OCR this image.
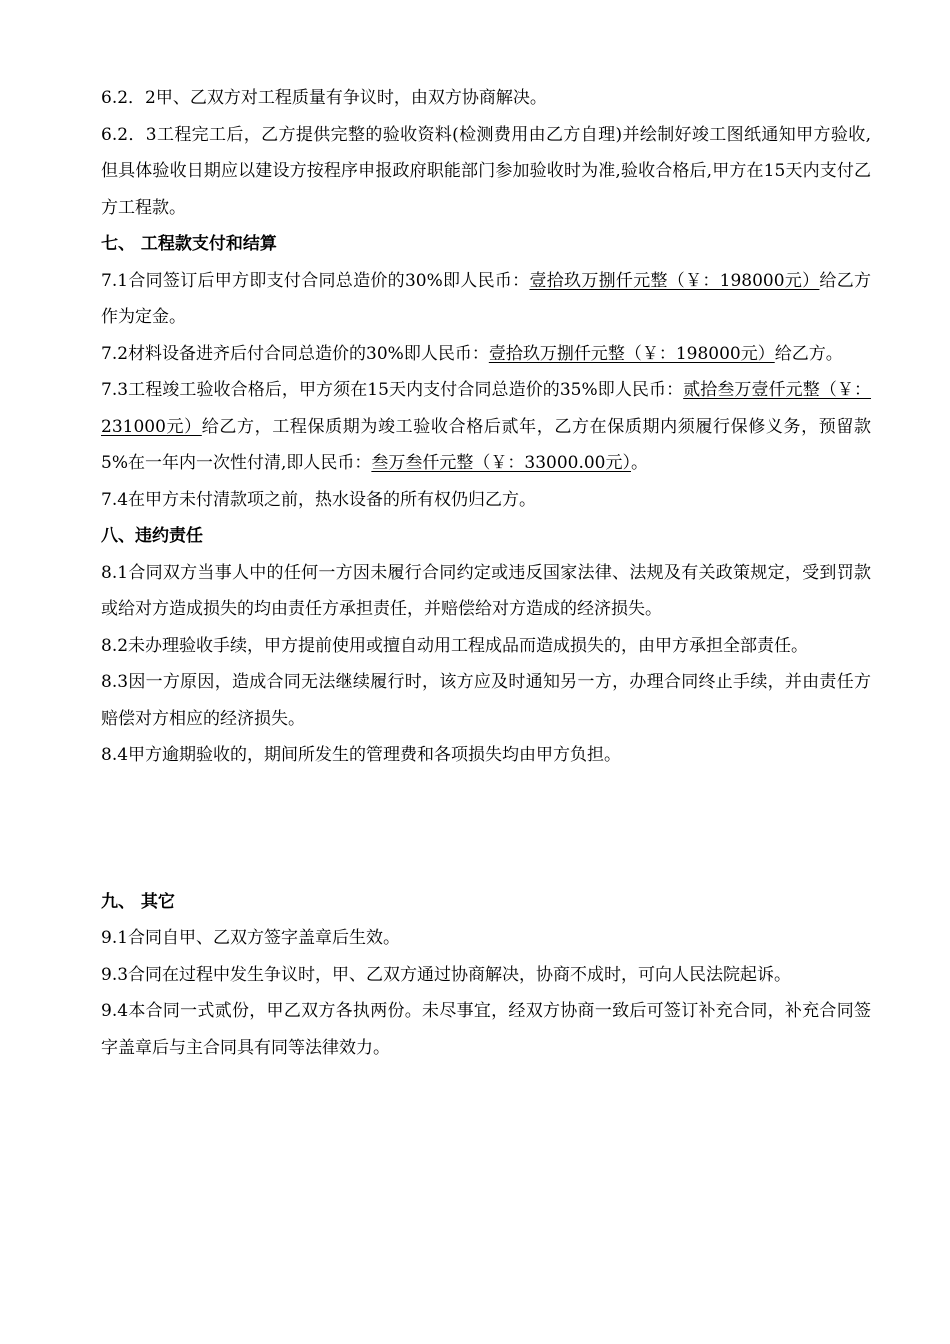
6.2．2甲、乙双方对工程质量有争议时，由双方协商解决。

6.2．3工程完工后，乙方提供完整的验收资料(检测费用由乙方自理)并绘制好竣工图纸通知甲方验收,但具体验收日期应以建设方按程序申报政府职能部门参加验收时为准,验收合格后,甲方在15天内支付乙方工程款。

七、 工程款支付和结算

7.1合同签订后甲方即支付合同总造价的30%即人民币：壹拾玖万捌仟元整（￥：198000元）给乙方作为定金。

7.2材料设备进齐后付合同总造价的30%即人民币：壹拾玖万捌仟元整（￥：198000元）给乙方。

7.3工程竣工验收合格后，甲方须在15天内支付合同总造价的35%即人民币：贰拾叁万壹仟元整（￥：231000元）给乙方，工程保质期为竣工验收合格后贰年，乙方在保质期内须履行保修义务，预留款5%在一年内一次性付清,即人民币：叁万叁仟元整（￥：33000.00元）。

7.4在甲方未付清款项之前，热水设备的所有权仍归乙方。

八、违约责任

8.1合同双方当事人中的任何一方因未履行合同约定或违反国家法律、法规及有关政策规定，受到罚款或给对方造成损失的均由责任方承担责任，并赔偿给对方造成的经济损失。

8.2未办理验收手续，甲方提前使用或擅自动用工程成品而造成损失的，由甲方承担全部责任。

8.3因一方原因，造成合同无法继续履行时，该方应及时通知另一方，办理合同终止手续，并由责任方赔偿对方相应的经济损失。

8.4甲方逾期验收的，期间所发生的管理费和各项损失均由甲方负担。

九、 其它

9.1合同自甲、乙双方签字盖章后生效。

9.3合同在过程中发生争议时，甲、乙双方通过协商解决，协商不成时，可向人民法院起诉。

9.4本合同一式贰份，甲乙双方各执两份。未尽事宜，经双方协商一致后可签订补充合同，补充合同签字盖章后与主合同具有同等法律效力。
